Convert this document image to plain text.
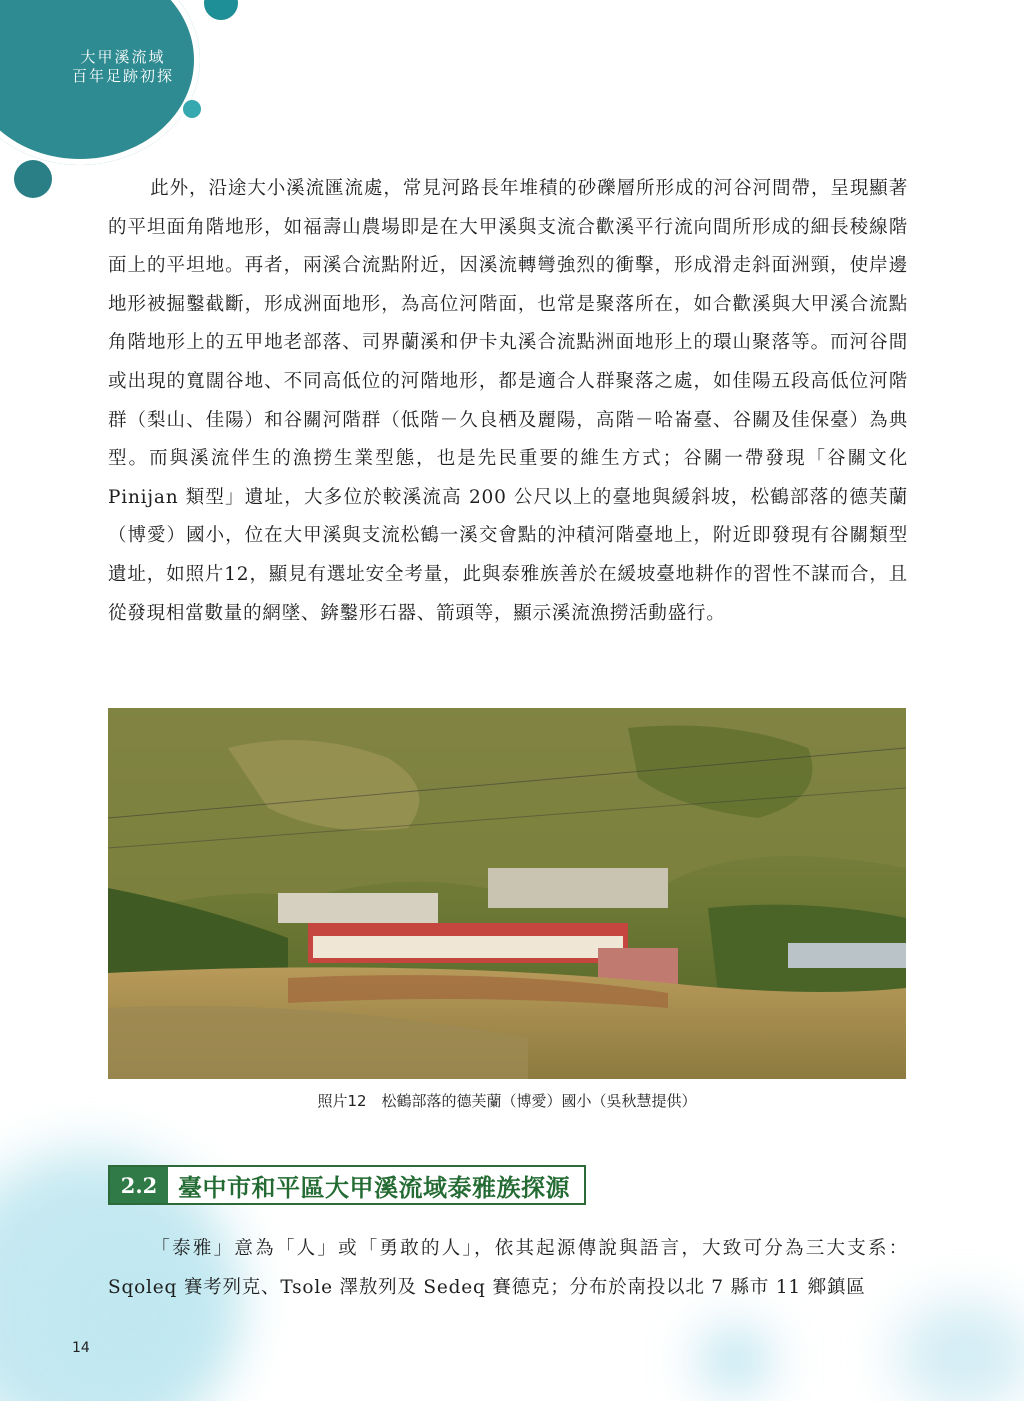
大甲溪流域
百年足跡初探

此外，沿途大小溪流匯流處，常見河路長年堆積的砂礫層所形成的河谷河間帶，呈現顯著的平坦面角階地形，如福壽山農場即是在大甲溪與支流合歡溪平行流向間所形成的細長稜線階面上的平坦地。再者，兩溪合流點附近，因溪流轉彎強烈的衝擊，形成滑走斜面洲頸，使岸邊地形被掘鑿截斷，形成洲面地形，為高位河階面，也常是聚落所在，如合歡溪與大甲溪合流點角階地形上的五甲地老部落、司界蘭溪和伊卡丸溪合流點洲面地形上的環山聚落等。而河谷間或出現的寬闊谷地、不同高低位的河階地形，都是適合人群聚落之處，如佳陽五段高低位河階群（梨山、佳陽）和谷關河階群（低階－久良栖及麗陽，高階－哈崙臺、谷關及佳保臺）為典型。而與溪流伴生的漁撈生業型態，也是先民重要的維生方式；谷關一帶發現「谷關文化 Pinijan 類型」遺址，大多位於較溪流高 200 公尺以上的臺地與緩斜坡，松鶴部落的德芙蘭（博愛）國小，位在大甲溪與支流松鶴一溪交會點的沖積河階臺地上，附近即發現有谷關類型遺址，如照片12，顯見有選址安全考量，此與泰雅族善於在緩坡臺地耕作的習性不謀而合，且從發現相當數量的網墜、錛鑿形石器、箭頭等，顯示溪流漁撈活動盛行。

照片12　松鶴部落的德芙蘭（博愛）國小（吳秋慧提供）
2.2 臺中市和平區大甲溪流域泰雅族探源

「泰雅」意為「人」或「勇敢的人」，依其起源傳說與語言，大致可分為三大支系：Sqoleq 賽考列克、Tsole 澤敖列及 Sedeq 賽德克；分布於南投以北 7 縣市 11 鄉鎮區

14
